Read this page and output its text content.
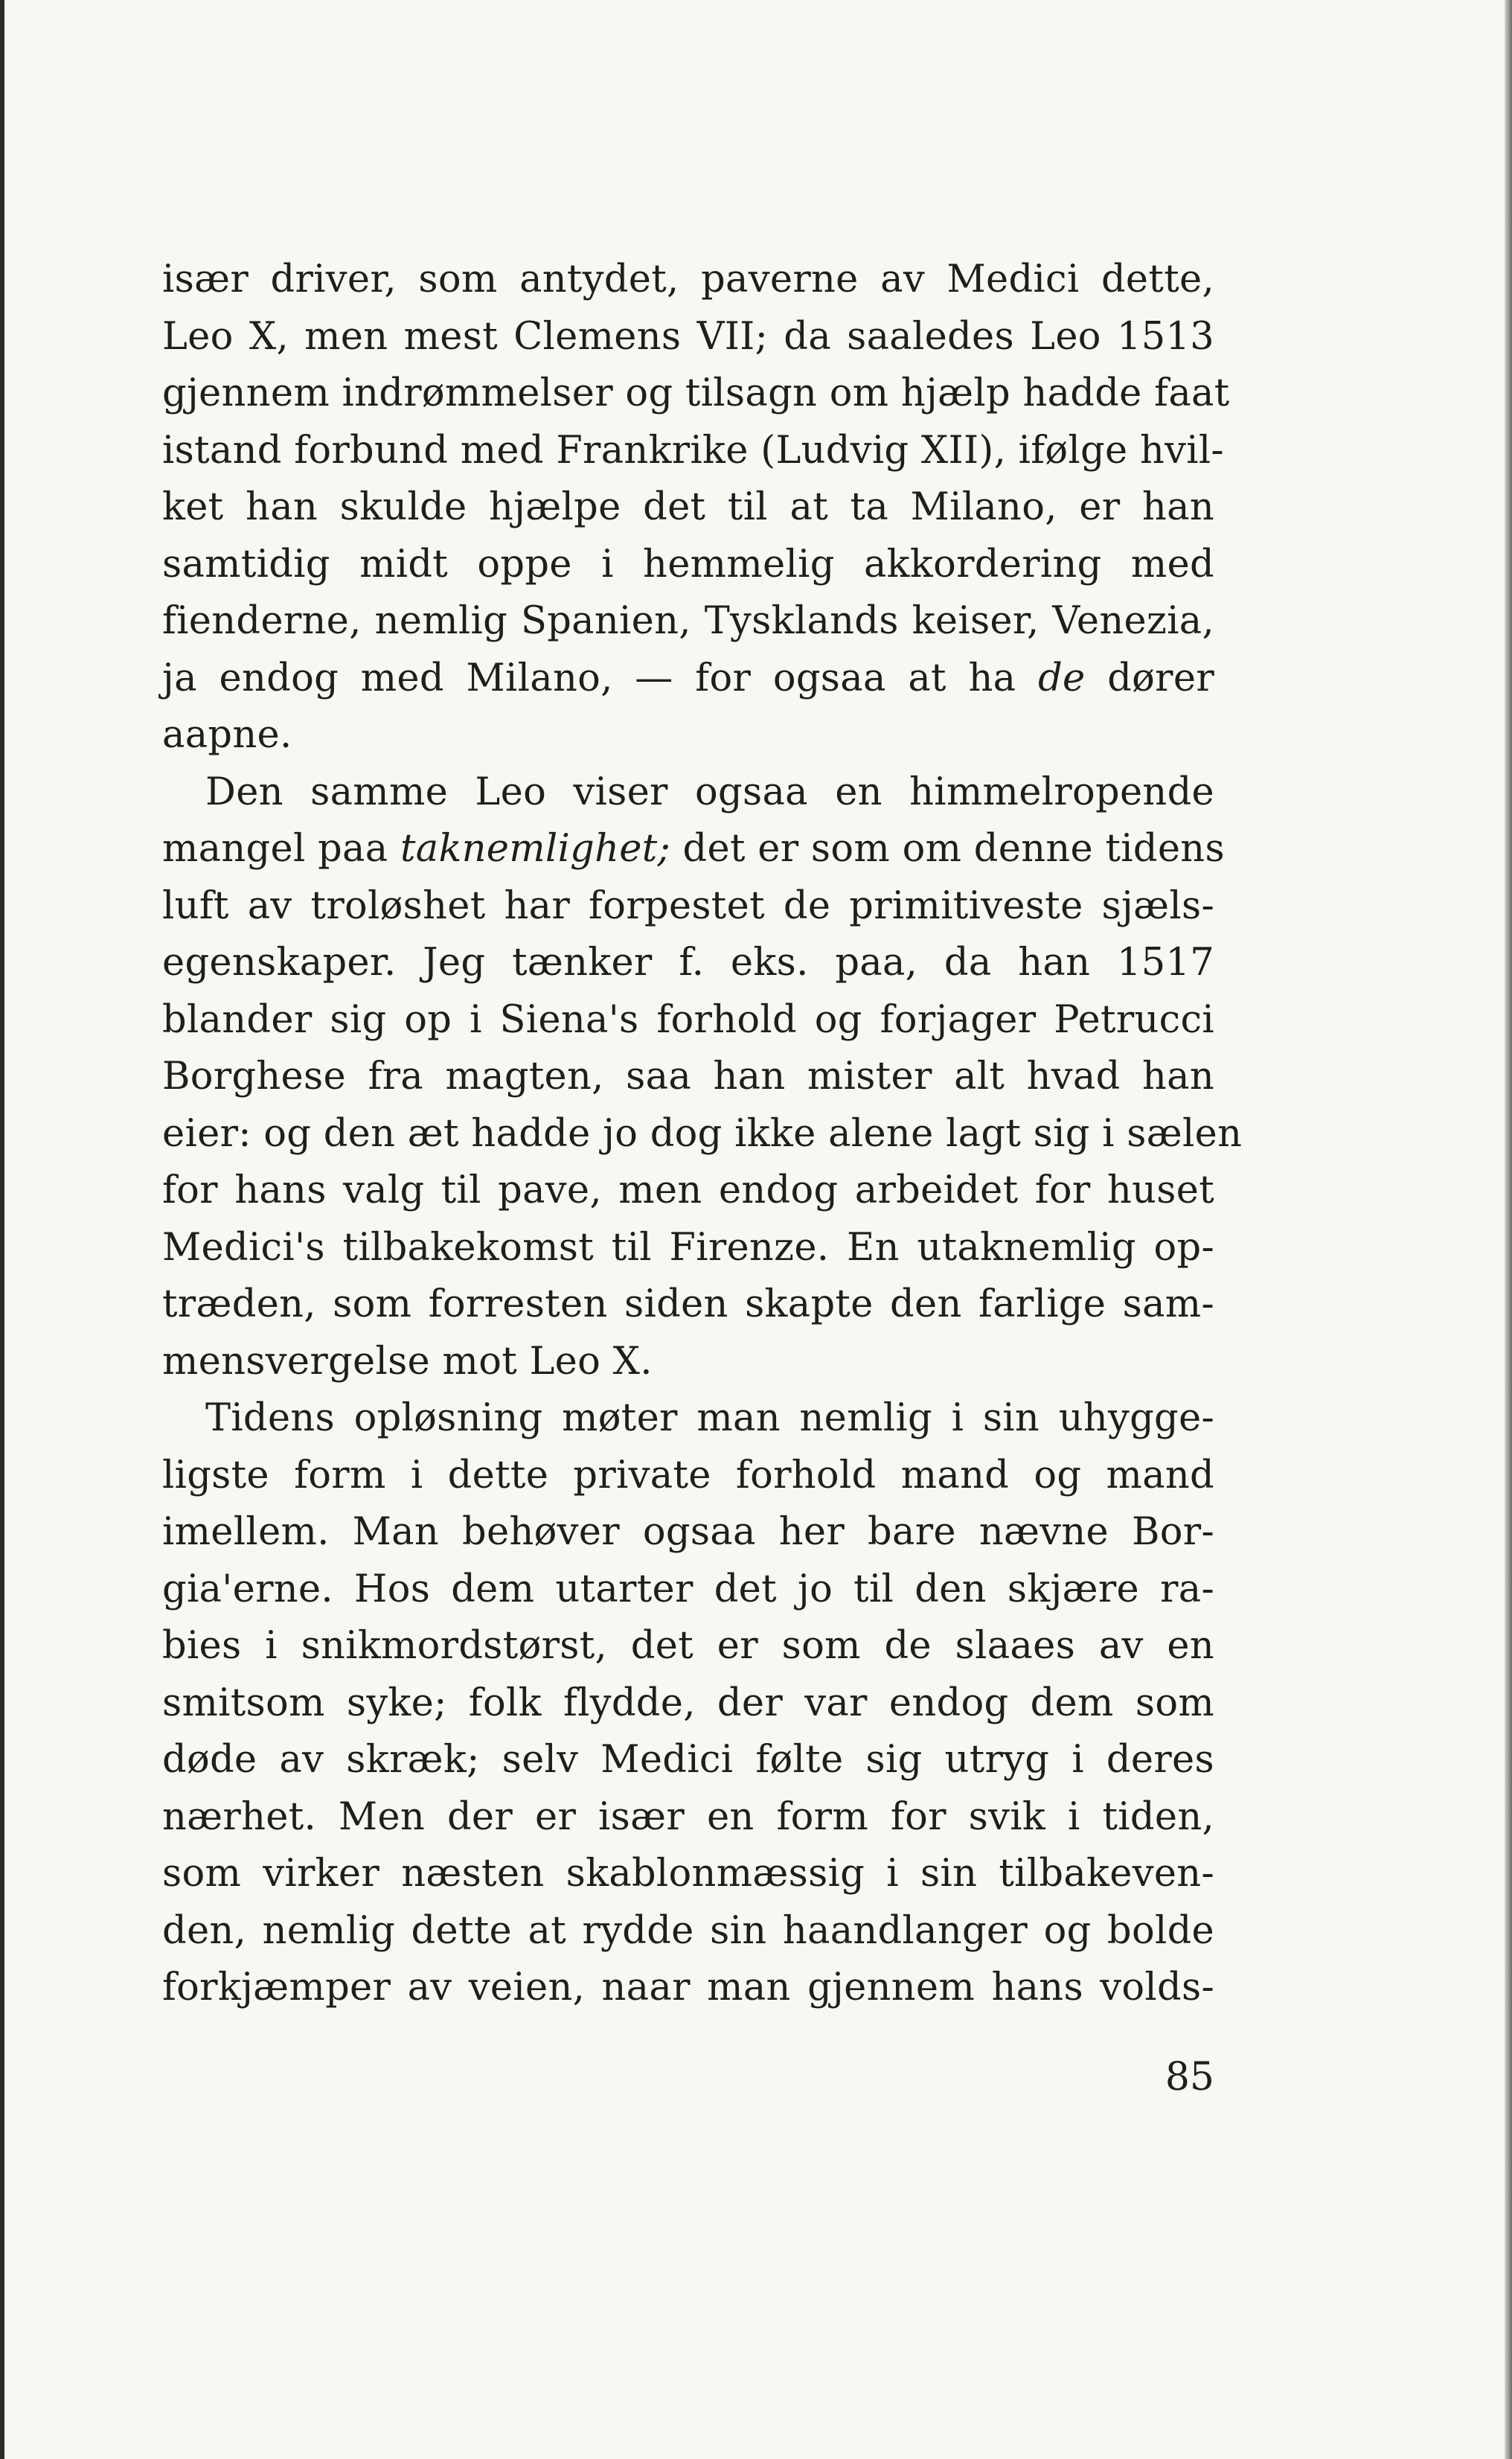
især driver, som antydet, paverne av Medici dette,
Leo X, men mest Clemens VII; da saaledes Leo 1513
gjennem indrømmelser og tilsagn om hjælp hadde faat
istand forbund med Frankrike (Ludvig XII), ifølge hvil-
ket han skulde hjælpe det til at ta Milano, er han
samtidig midt oppe i hemmelig akkordering med
fienderne, nemlig Spanien, Tysklands keiser, Venezia,
ja endog med Milano, — for ogsaa at ha de dører
aapne.
Den samme Leo viser ogsaa en himmelropende
mangel paa taknemlighet; det er som om denne tidens
luft av troløshet har forpestet de primitiveste sjæls-
egenskaper. Jeg tænker f. eks. paa, da han 1517
blander sig op i Siena's forhold og forjager Petrucci
Borghese fra magten, saa han mister alt hvad han
eier: og den æt hadde jo dog ikke alene lagt sig i sælen
for hans valg til pave, men endog arbeidet for huset
Medici's tilbakekomst til Firenze. En utaknemlig op-
træden, som forresten siden skapte den farlige sam-
mensvergelse mot Leo X.
Tidens opløsning møter man nemlig i sin uhygge-
ligste form i dette private forhold mand og mand
imellem. Man behøver ogsaa her bare nævne Bor-
gia'erne. Hos dem utarter det jo til den skjære ra-
bies i snikmordstørst, det er som de slaaes av en
smitsom syke; folk flydde, der var endog dem som
døde av skræk; selv Medici følte sig utryg i deres
nærhet. Men der er især en form for svik i tiden,
som virker næsten skablonmæssig i sin tilbakeven-
den, nemlig dette at rydde sin haandlanger og bolde
forkjæmper av veien, naar man gjennem hans volds-
85
